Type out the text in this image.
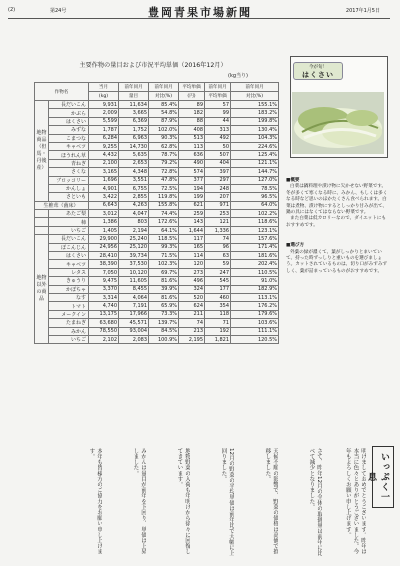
(2)	第24号	豊岡青果市場新聞	2017年1月5日
主要作物の量目および市況平均単価（2016年12月）
(kg当り)
作物名		当月	前年同月	前年同月	平均単価	前年同月	前年同月
		(kg)	量目	対比(%)	(円)	平均単価	対比(%)
地物商品（但馬・丹後産）	長だいこん	9,931	11,634	85.4%	89	57	155.1%
	かぶら	2,009	3,665	54.8%	182	99	183.2%
	はくさい	5,599	6,369	87.9%	88	44	199.8%
	みずな	1,787	1,752	102.0%	408	313	130.4%
	こまつな	6,284	6,963	90.3%	513	492	104.3%
	キャベツ	9,255	14,730	62.8%	113	50	224.6%
	ほうれん草	4,432	5,635	78.7%	636	507	125.4%
	青ねぎ	2,100	2,653	79.2%	490	404	121.1%
	さくな	3,165	4,348	72.8%	574	397	144.7%
	ブロッコリー	1,696	3,551	47.8%	377	297	127.0%
	かんしょ	4,901	6,755	72.5%	194	248	78.5%
	さといも	3,422	2,855	119.8%	199	207	96.5%
生椎茸（菌床）		6,643	4,263	155.8%	621	971	64.0%
	あたご梨	3,012	4,047	74.4%	259	253	102.2%
	柿	1,386	803	172.6%	143	121	118.6%
	いちご	1,405	2,194	64.1%	1,644	1,336	123.1%
地物以外の商品	長だいこん	29,900	25,240	118.5%	117	74	157.6%
	ぼこんじん	24,956	25,120	99.3%	165	96	171.4%
	はくさい	28,410	39,734	71.5%	114	63	181.6%
	キャベツ	38,390	37,530	102.3%	120	59	202.4%
	レタス	7,050	10,120	69.7%	273	247	110.5%
	きゅうり	9,475	11,605	81.6%	496	545	91.0%
	かぼちゃ	3,370	8,455	39.9%	324	177	182.9%
	なす	3,314	4,064	81.6%	520	460	113.1%
	トマト	4,740	7,191	65.9%	624	354	176.2%
	メークイン	13,175	17,966	73.3%	211	118	179.6%
	たまねぎ	63,680	45,571	139.7%	74	71	103.6%
	みかん	78,550	93,004	84.5%	213	192	111.1%
	いちご	2,102	2,083	100.9%	2,195	1,821	120.5%
今が旬！
はくさい
■概要

白菜は鍋料理や漬け物に欠かせない野菜です。冬が多くて寒くなる時に、みかん、もしくは多くなる時など思いのほかたくさん食べられます。白菜は煮物、漬け物にするとしっかり甘みが出て、鍋の具にはなくてはならない野菜です。

また白菜は低カロリーなので、ダイエットにもおすすめです。

■選び方

外葉の緑が濃くて、葉がしっかりとまいていて、持った時ずっしりと重いものを選びましょう。カットされているものは、切り口がみずみずしく、葉が詰まっているものがおすすめです。

いっぷく一息
明けましておめでとうございます。昨年は本当に色々とありがとうございました。今年もよろしくお願い申し上げます。
さて、昨年12月の全体の取扱量は前年に比べて減少となりました。
天候不順の影響で、野菜の価格は高値で推移しました。
12月の野菜の平均単価は前年比で大幅に上回りました。
地物野菜の入荷も年明けから徐々に回復してきています。
みかんは量目が前年を下回り、単価は上昇しました。
本年も皆様方のご協力をお願い申し上げます。
